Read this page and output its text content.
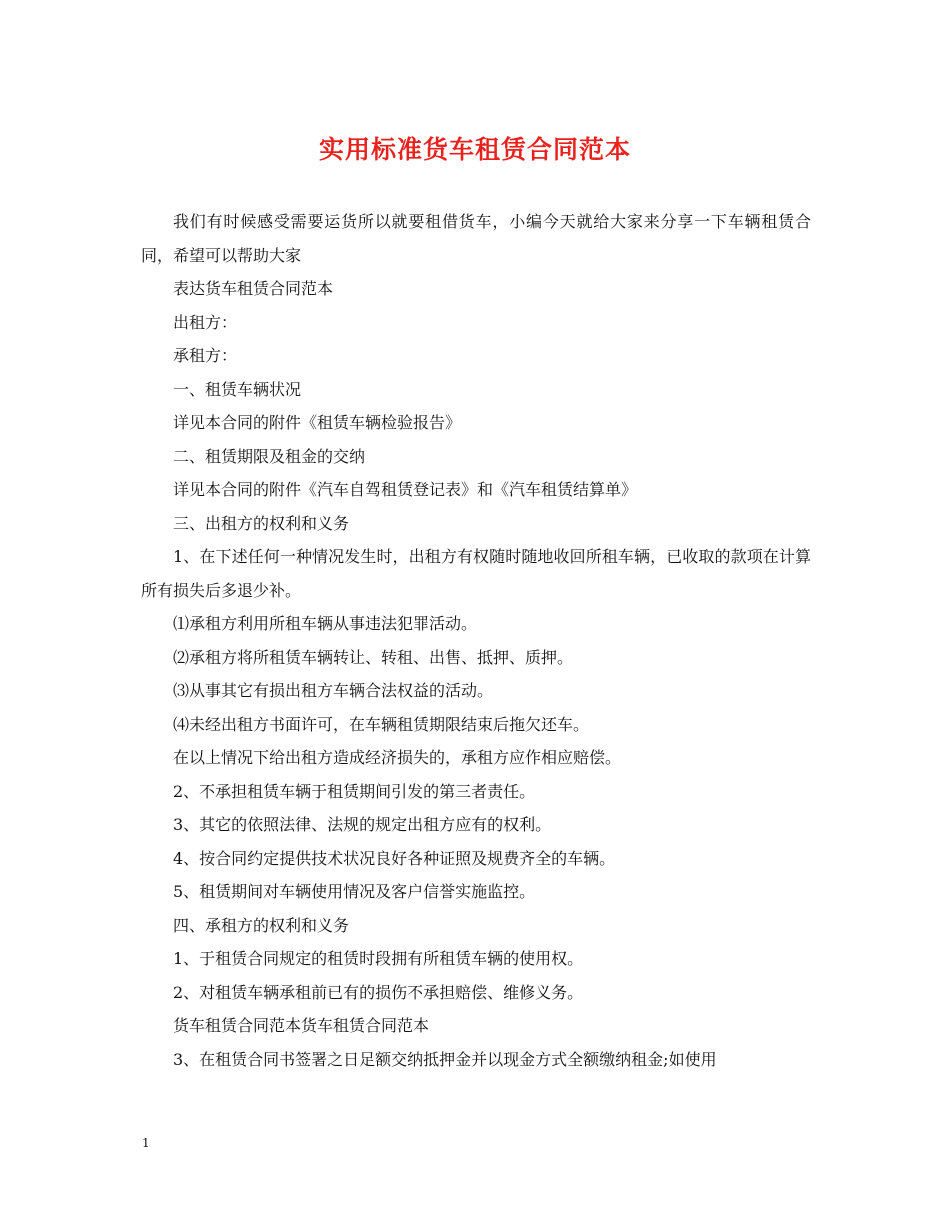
实用标准货车租赁合同范本

我们有时候感受需要运货所以就要租借货车，小编今天就给大家来分享一下车辆租赁合同，希望可以帮助大家

表达货车租赁合同范本

出租方：

承租方：

一、租赁车辆状况

详见本合同的附件《租赁车辆检验报告》

二、租赁期限及租金的交纳

详见本合同的附件《汽车自驾租赁登记表》和《汽车租赁结算单》

三、出租方的权利和义务

1、在下述任何一种情况发生时，出租方有权随时随地收回所租车辆，已收取的款项在计算所有损失后多退少补。

⑴承租方利用所租车辆从事违法犯罪活动。

⑵承租方将所租赁车辆转让、转租、出售、抵押、质押。

⑶从事其它有损出租方车辆合法权益的活动。

⑷未经出租方书面许可，在车辆租赁期限结束后拖欠还车。

在以上情况下给出租方造成经济损失的，承租方应作相应赔偿。

2、不承担租赁车辆于租赁期间引发的第三者责任。

3、其它的依照法律、法规的规定出租方应有的权利。

4、按合同约定提供技术状况良好各种证照及规费齐全的车辆。

5、租赁期间对车辆使用情况及客户信誉实施监控。

四、承租方的权利和义务

1、于租赁合同规定的租赁时段拥有所租赁车辆的使用权。

2、对租赁车辆承租前已有的损伤不承担赔偿、维修义务。

货车租赁合同范本货车租赁合同范本

3、在租赁合同书签署之日足额交纳抵押金并以现金方式全额缴纳租金;如使用

1
